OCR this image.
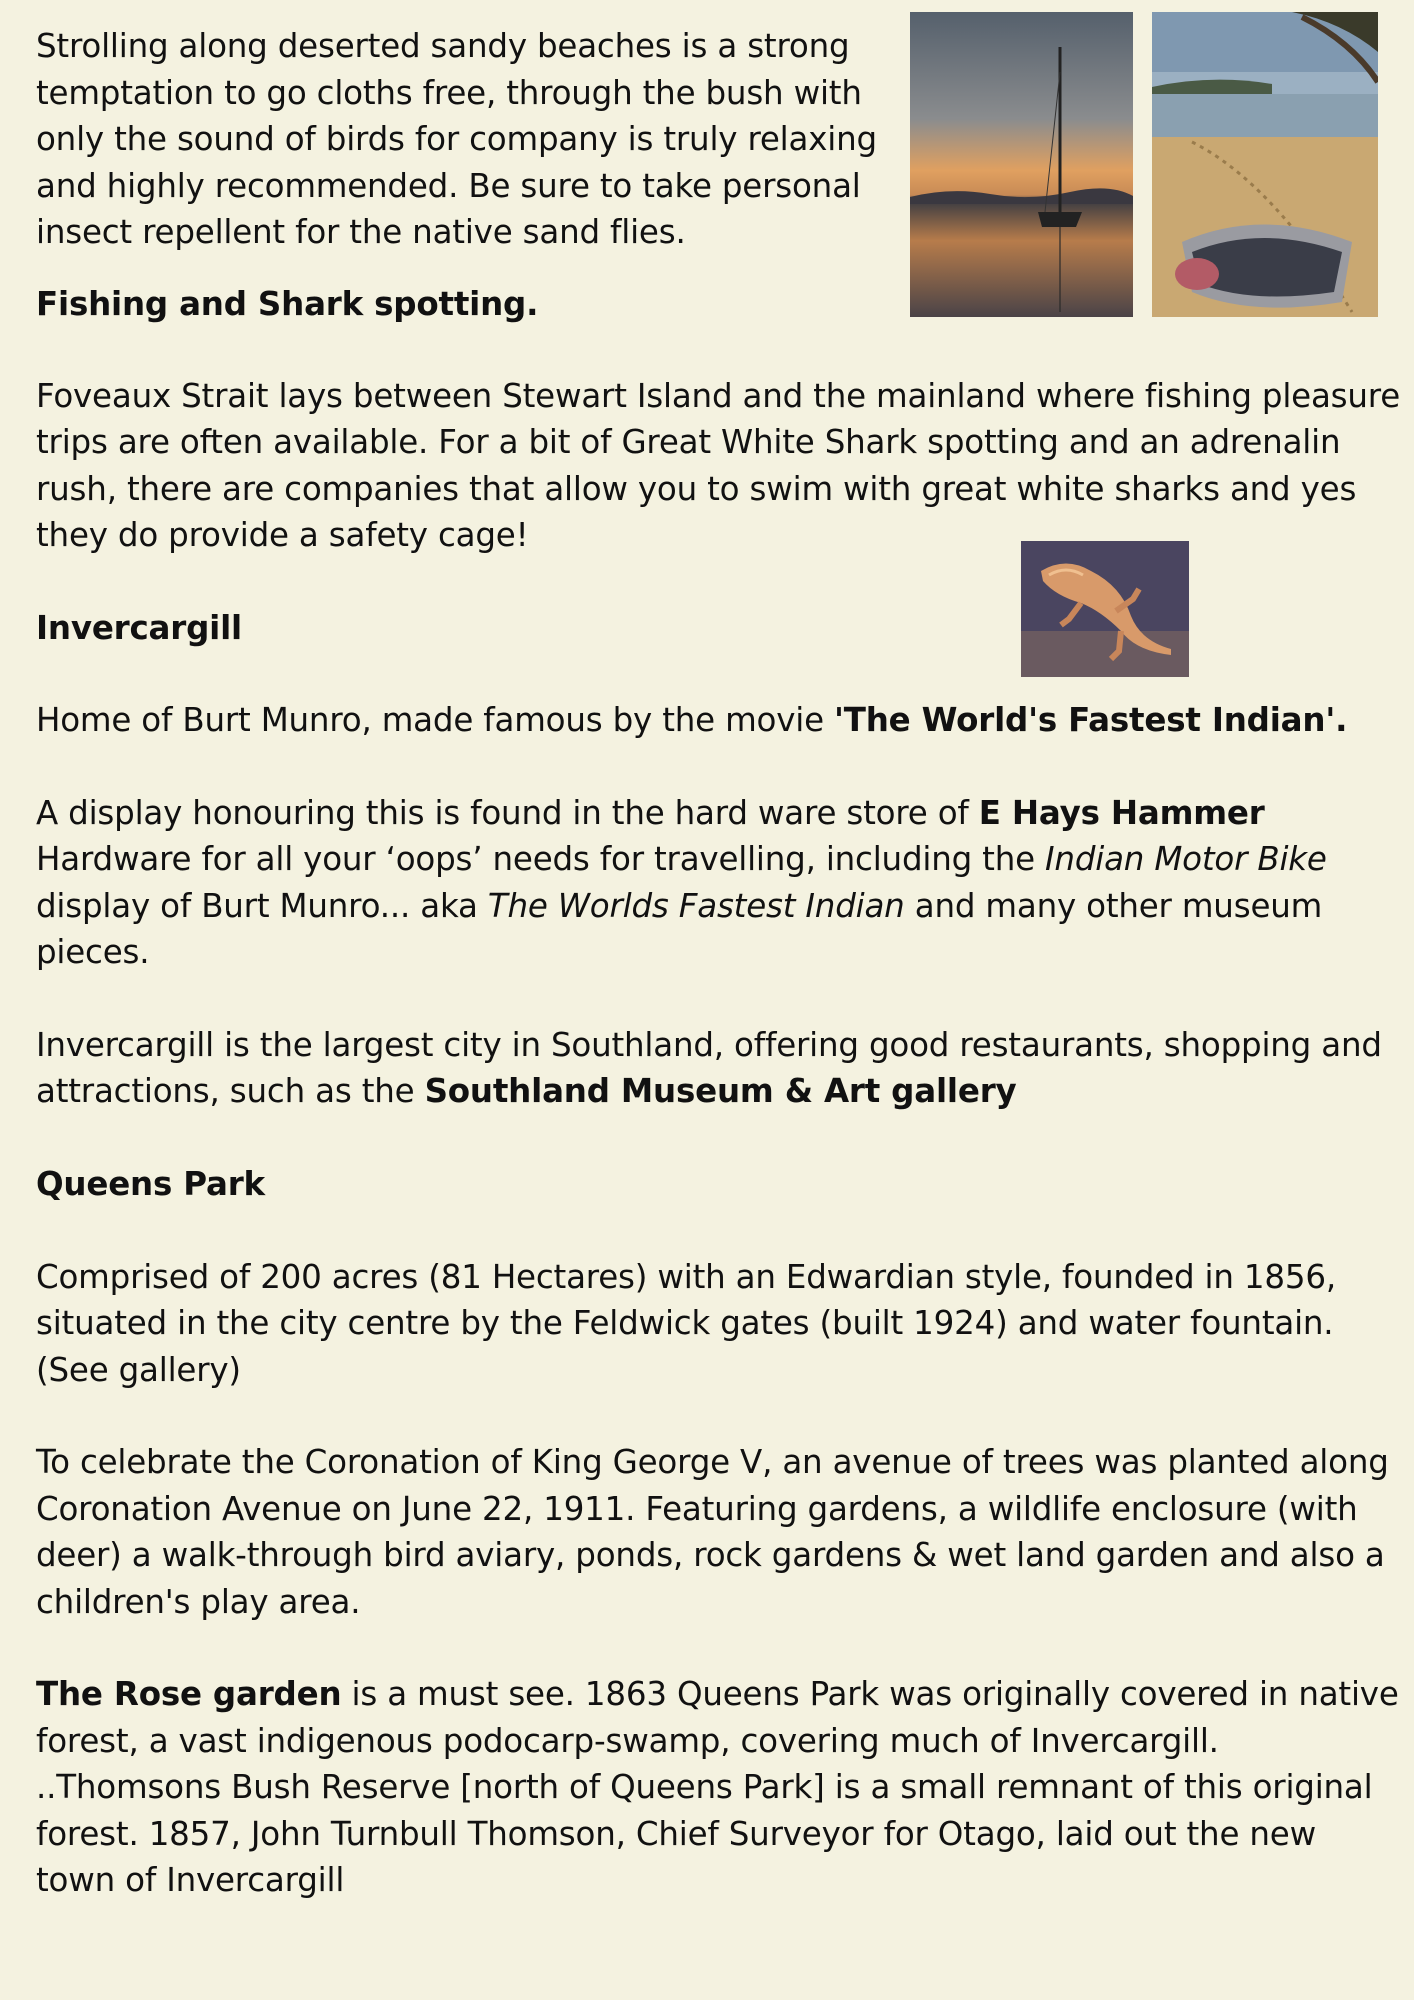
Strolling along deserted sandy beaches is a strong

temptation to go cloths free, through the bush with

only the sound of birds for company is truly relaxing

and highly recommended. Be sure to take personal

insect repellent for the native sand flies.

Fishing and Shark spotting.

Foveaux Strait lays between Stewart Island and the mainland where fishing pleasure

trips are often available. For a bit of Great White Shark spotting and an adrenalin

rush, there are companies that allow you to swim with great white sharks and yes

they do provide a safety cage!

Invercargill

Home of Burt Munro, made famous by the movie 'The World's Fastest Indian'.

A display honouring this is found in the hard ware store of E Hays Hammer

Hardware for all your ‘oops’ needs for travelling, including the Indian Motor Bike

display of Burt Munro... aka The Worlds Fastest Indian and many other museum

pieces.

Invercargill is the largest city in Southland, offering good restaurants, shopping and

attractions, such as the Southland Museum & Art gallery

Queens Park

Comprised of 200 acres (81 Hectares) with an Edwardian style, founded in 1856,

situated in the city centre by the Feldwick gates (built 1924) and water fountain.

(See gallery)

To celebrate the Coronation of King George V, an avenue of trees was planted along

Coronation Avenue on June 22, 1911. Featuring gardens, a wildlife enclosure (with

deer) a walk-through bird aviary, ponds, rock gardens & wet land garden and also a

children's play area.

The Rose garden is a must see. 1863 Queens Park was originally covered in native

forest, a vast indigenous podocarp-swamp, covering much of Invercargill.

..Thomsons Bush Reserve [north of Queens Park] is a small remnant of this original

forest. 1857, John Turnbull Thomson, Chief Surveyor for Otago, laid out the new

town of Invercargill
